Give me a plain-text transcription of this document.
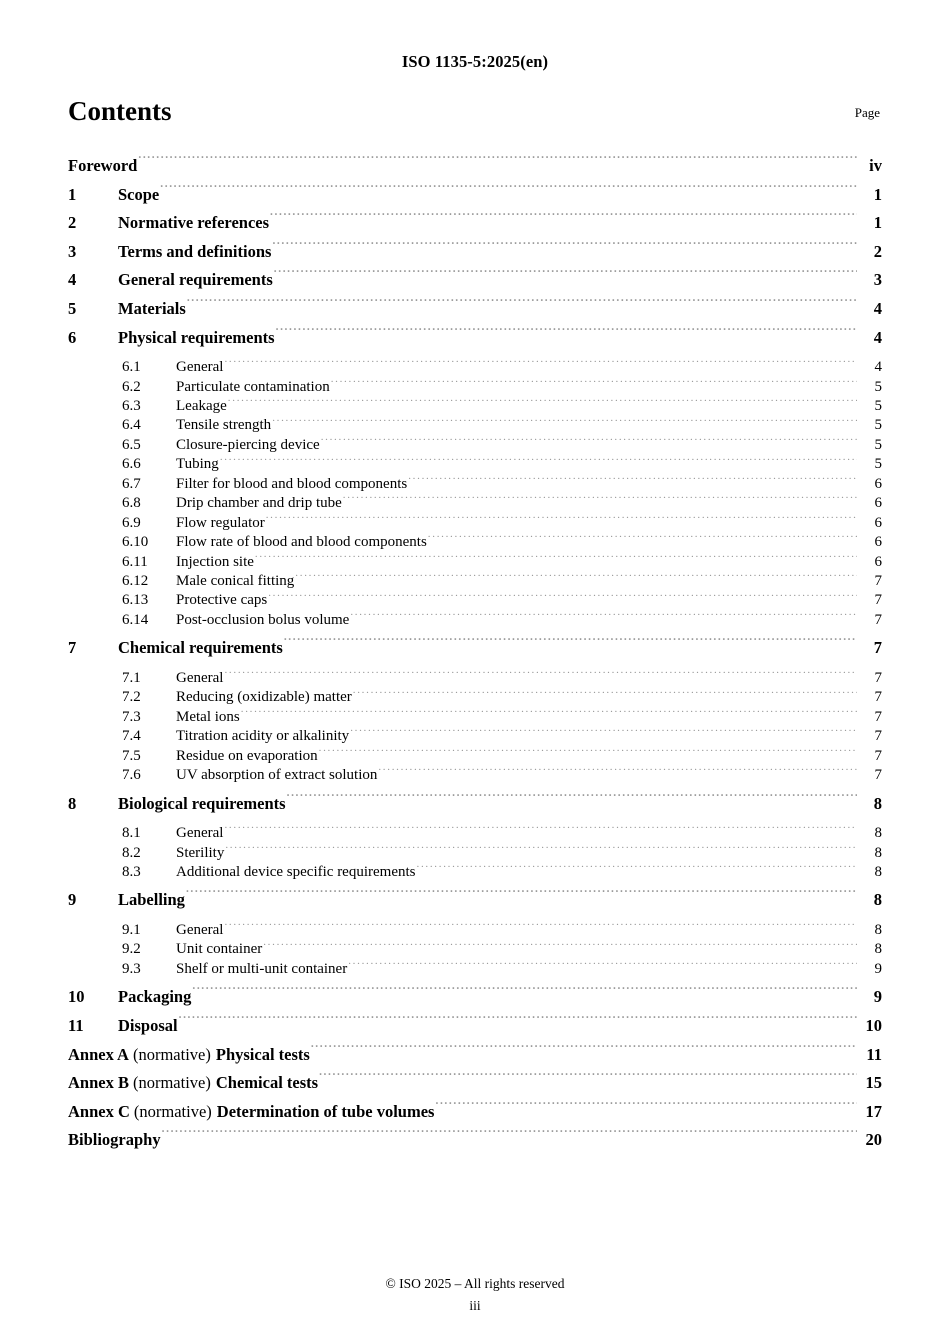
ISO 1135-5:2025(en)
Contents	Page
Foreword .....	iv
1	Scope .....	1
2	Normative references .....	1
3	Terms and definitions .....	2
4	General requirements .....	3
5	Materials .....	4
6	Physical requirements .....	4
6.1	General .....	4
6.2	Particulate contamination .....	5
6.3	Leakage .....	5
6.4	Tensile strength .....	5
6.5	Closure-piercing device .....	5
6.6	Tubing .....	5
6.7	Filter for blood and blood components .....	6
6.8	Drip chamber and drip tube .....	6
6.9	Flow regulator .....	6
6.10	Flow rate of blood and blood components .....	6
6.11	Injection site .....	6
6.12	Male conical fitting .....	7
6.13	Protective caps .....	7
6.14	Post-occlusion bolus volume .....	7
7	Chemical requirements .....	7
7.1	General .....	7
7.2	Reducing (oxidizable) matter .....	7
7.3	Metal ions .....	7
7.4	Titration acidity or alkalinity .....	7
7.5	Residue on evaporation .....	7
7.6	UV absorption of extract solution .....	7
8	Biological requirements .....	8
8.1	General .....	8
8.2	Sterility .....	8
8.3	Additional device specific requirements .....	8
9	Labelling .....	8
9.1	General .....	8
9.2	Unit container .....	8
9.3	Shelf or multi-unit container .....	9
10	Packaging .....	9
11	Disposal .....	10
Annex A (normative) Physical tests .....	11
Annex B (normative) Chemical tests .....	15
Annex C (normative) Determination of tube volumes .....	17
Bibliography .....	20
© ISO 2025 – All rights reserved
iii
